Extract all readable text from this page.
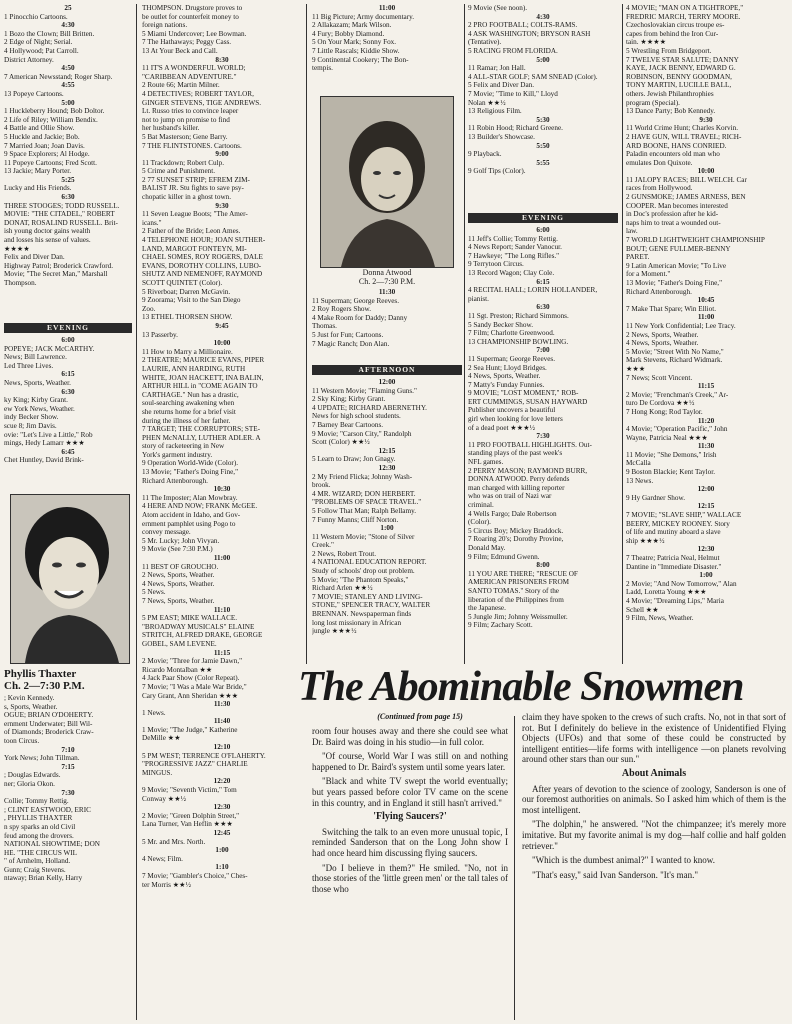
25
1 Pinocchio Cartoons.
4:30
1 Bozo the Clown; Bill Britten.
2 Edge of Night; Serial.
4 Hollywood; Pat Carroll.
District Attorney.
4:50
7 American Newsstand; Roger Sharp.
4:55
13 Popeye Cartoons.
5:00
1 Huckleberry Hound; Bob Doltor.
2 Life of Riley; William Bendix.
4 Battle and Ollie Show.
5 Huckle and Jackie; Bob.
7 Married Joan; Joan Davis.
9 Space Explorers; Al Hodge.
11 Popeye Cartoons; Fred Scott.
13 Jackie; Mary Porter.
5:25
Lucky and His Friends.
6:30
THREE STOOGES; TODD RUSSELL.
MOVIE: "THE CITADEL," ROBERT
DONAT, ROSALIND RUSSELL. Brit-
ish young doctor gains wealth
and losses his sense of values.
★★★★
Felix and Diver Dan.
Highway Patrol; Broderick Crawford.
Movie; "The Secret Man," Marshall
Thompson.
EVENING
6:00
POPEYE; JACK McCARTHY.
News; Bill Lawrence.
Led Three Lives.
6:15
News, Sports, Weather.
6:30
ky King; Kirby Grant.
ew York News, Weather.
indy Becker Show.
scue 8; Jim Davis.
ovie: "Let's Live a Little," Rob
mings, Hedy Lamarr ★★★
6:45
Chet Huntley, David Brink-
Phyllis Thaxter
Ch. 2—7:30 P.M.
; Kevin Kennedy.
s, Sports, Weather.
OGUE; BRIAN O'DOHERTY.
ernment Underwater; Bill Wil-
of Diamonds; Broderick Craw-
toon Circus.
7:10
York News; John Tillman.
7:15
; Douglas Edwards.
ner; Gloria Okon.
7:30
Collie; Tommy Rettig.
; CLINT EASTWOOD, ERIC
, PHYLLIS THAXTER
n spy sparks an old Civil
feud among the drovers.
NATIONAL SHOWTIME; DON
HE. "THE CIRCUS WIL
" of Arnhelm, Holland.
Gunn; Craig Stevens.
ntaway; Brian Kelly, Harry
THOMPSON. Drugstore proves to
be outlet for counterfeit money to
foreign nations.
5 Miami Undercover; Lee Bowman.
7 The Hathaways; Peggy Cass.
13 At Your Beck and Call.
8:30
11 IT'S A WONDERFUL WORLD;
"CARIBBEAN ADVENTURE."
2 Route 66; Martin Milner.
4 DETECTIVES; ROBERT TAYLOR,
GINGER STEVENS, TIGE ANDREWS.
Lt. Russo tries to convince leaper
not to jump on promise to find
her husband's killer.
5 Bat Masterson; Gene Barry.
7 THE FLINTSTONES. Cartoons.
9:00
11 Trackdown; Robert Culp.
5 Crime and Punishment.
2 77 SUNSET STRIP; EFREM ZIM-
BALIST JR. Stu fights to save psy-
chopatic killer in a ghost town.
9:30
11 Seven League Boots; "The Amer-
icans."
2 Father of the Bride; Leon Ames.
4 TELEPHONE HOUR; JOAN SUTHER-
LAND, MARGOT FONTEYN, MI-
CHAEL SOMES, ROY ROGERS, DALE
EVANS, DOROTHY COLLINS, LUBO-
SHUTZ AND NEMENOFF, RAYMOND
SCOTT QUINTET (Color).
5 Riverboat; Darren McGavin.
9 Zoorama; Visit to the San Diego
Zoo.
13 ETHEL THORSEN SHOW.
9:45
13 Passerby.
10:00
11 How to Marry a Millionaire.
2 THEATRE; MAURICE EVANS, PIPER
LAURIE, ANN HARDING, RUTH
WHITE, JOAN HACKETT, INA BALIN,
ARTHUR HILL in "COME AGAIN TO
CARTHAGE." Nun has a drastic,
soul-searching awakening when
she returns home for a brief visit
during the illness of her father.
7 TARGET; THE CORRUPTORS; STE-
PHEN McNALLY, LUTHER ADLER. A
story of racketeering in New
York's garment industry.
9 Operation World-Wide (Color).
13 Movie; "Father's Doing Fine,"
Richard Attenborough.
10:30
11 The Imposter; Alan Mowbray.
4 HERE AND NOW; FRANK McGEE.
Atom accident in Idaho, and Gov-
ernment pamphlet using Pogo to
convey message.
5 Mr. Lucky; John Vivyan.
9 Movie (See 7:30 P.M.)
11:00
11 BEST OF GROUCHO.
2 News, Sports, Weather.
4 News, Sports, Weather.
5 News.
7 News, Sports, Weather.
11:10
5 PM EAST; MIKE WALLACE.
"BROADWAY MUSICALS" ELAINE
STRITCH, ALFRED DRAKE, GEORGE
GOBEL, SAM LEVENE.
11:15
2 Movie; "Three for Jamie Dawn,"
Ricardo Montalban ★★
4 Jack Paar Show (Color Repeat).
7 Movie; "I Was a Male War Bride,"
Cary Grant, Ann Sheridan ★★★
11:30
1 News.
11:40
1 Movie; "The Judge," Katherine
DeMille ★★
12:10
5 PM WEST; TERRENCE O'FLAHERTY.
"PROGRESSIVE JAZZ" CHARLIE
MINGUS.
12:20
9 Movie; "Seventh Victim," Tom
Conway ★★½
12:30
2 Movie; "Green Dolphin Street,"
Lana Turner, Van Heflin ★★★
12:45
5 Mr. and Mrs. North.
1:00
4 News; Film.
1:10
7 Movie; "Gambler's Choice," Ches-
ter Morris ★★½
11:00
11 Big Picture; Army documentary.
2 Allakazam; Mark Wilson.
4 Fury; Bobby Diamond.
5 On Your Mark; Sonny Fox.
7 Little Rascals; Kiddie Show.
9 Continental Cookery; The Bon-
tempis.
Donna Atwood
Ch. 2—7:30 P.M.
11:30
11 Superman; George Reeves.
2 Roy Rogers Show.
4 Make Room for Daddy; Danny
Thomas.
5 Just for Fun; Cartoons.
7 Magic Ranch; Don Alan.
AFTERNOON
12:00
11 Western Movie; "Flaming Guns."
2 Sky King; Kirby Grant.
4 UPDATE; RICHARD ABERNETHY.
News for high school students.
7 Barney Bear Cartoons.
9 Movie; "Carson City," Randolph
Scott (Color) ★★½
12:15
5 Learn to Draw; Jon Gnagy.
12:30
2 My Friend Flicka; Johnny Wash-
brook.
4 MR. WIZARD; DON HERBERT.
"PROBLEMS OF SPACE TRAVEL."
5 Follow That Man; Ralph Bellamy.
7 Funny Manns; Cliff Norton.
1:00
11 Western Movie; "Stone of Silver
Creek."
2 News, Robert Trout.
4 NATIONAL EDUCATION REPORT.
Study of schools' drop out problem.
5 Movie; "The Phantom Speaks,"
Richard Arlen ★★½
7 MOVIE; STANLEY AND LIVING-
STONE," SPENCER TRACY, WALTER
BRENNAN. Newspaperman finds
long lost missionary in African
jungle ★★★½
9 Movie (See noon).
4:30
2 PRO FOOTBALL; COLTS-RAMS.
4 ASK WASHINGTON; BRYSON RASH
(Tentative).
5 RACING FROM FLORIDA.
5:00
11 Ramar; Jon Hall.
4 ALL-STAR GOLF; SAM SNEAD (Color).
5 Felix and Diver Dan.
7 Movie; "Time to Kill," Lloyd
Nolan ★★½
13 Religious Film.
5:30
11 Robin Hood; Richard Greene.
13 Builder's Showcase.
5:50
9 Playback.
5:55
9 Golf Tips (Color).
EVENING
6:00
11 Jeff's Collie; Tommy Rettig.
4 News Report; Sander Vanocur.
7 Hawkeye; "The Long Rifles."
9 Terrytoon Circus.
13 Record Wagon; Clay Cole.
6:15
4 RECITAL HALL; LORIN HOLLANDER,
pianist.
6:30
11 Sgt. Preston; Richard Simmons.
5 Sandy Becker Show.
7 Film; Charlotte Greenwood.
13 CHAMPIONSHIP BOWLING.
7:00
11 Superman; George Reeves.
2 Sea Hunt; Lloyd Bridges.
4 News, Sports, Weather.
7 Matty's Funday Funnies.
9 MOVIE; "LOST MOMENT," ROB-
ERT CUMMINGS, SUSAN HAYWARD
Publisher uncovers a beautiful
girl when looking for love letters
of a dead poet ★★★½
7:30
11 PRO FOOTBALL HIGHLIGHTS. Out-
standing plays of the past week's
NFL games.
2 PERRY MASON; RAYMOND BURR,
DONNA ATWOOD. Perry defends
man charged with killing reporter
who was on trail of Nazi war
criminal.
4 Wells Fargo; Dale Robertson
(Color).
5 Circus Boy; Mickey Braddock.
7 Roaring 20's; Dorothy Provine,
Donald May.
9 Film; Edmund Gwenn.
8:00
11 YOU ARE THERE; "RESCUE OF
AMERICAN PRISONERS FROM
SANTO TOMAS." Story of the
liberation of the Philippines from
the Japanese.
5 Jungle Jim; Johnny Weissmuller.
9 Film; Zachary Scott.
4 MOVIE; "MAN ON A TIGHTROPE,"
FREDRIC MARCH, TERRY MOORE.
Czechoslovakian circus troupe es-
capes from behind the Iron Cur-
tain. ★★★★
5 Wrestling From Bridgeport.
7 TWELVE STAR SALUTE; DANNY
KAYE, JACK BENNY, EDWARD G.
ROBINSON, BENNY GOODMAN,
TONY MARTIN, LUCILLE BALL,
others. Jewish Philanthrophies
program (Special).
13 Dance Party; Bob Kennedy.
9:30
11 World Crime Hunt; Charles Korvin.
2 HAVE GUN, WILL TRAVEL; RICH-
ARD BOONE, HANS CONRIED.
Paladin encounters old man who
emulates Don Quixote.
10:00
11 JALOPY RACES; BILL WELCH. Car
races from Hollywood.
2 GUNSMOKE; JAMES ARNESS, BEN
COOPER. Man becomes interested
in Doc's profession after he kid-
naps him to treat a wounded out-
law.
7 WORLD LIGHTWEIGHT CHAMPIONSHIP
BOUT; GENE FULLMER-BENNY
PARET.
9 Latin American Movie; "To Live
for a Moment."
13 Movie; "Father's Doing Fine,"
Richard Attenborough.
10:45
7 Make That Spare; Win Elliot.
11:00
11 New York Confidential; Lee Tracy.
2 News, Sports, Weather.
4 News, Sports, Weather.
5 Movie; "Street With No Name,"
Mark Stevens, Richard Widmark.
★★★
7 News; Scott Vincent.
11:15
2 Movie; "Frenchman's Creek," Ar-
turo De Cordova ★★½
7 Hong Kong; Rod Taylor.
11:20
4 Movie; "Operation Pacific," John
Wayne, Patricia Neal ★★★
11:30
11 Movie; "She Demons," Irish
McCalla
9 Boston Blackie; Kent Taylor.
13 News.
12:00
9 Hy Gardner Show.
12:15
7 MOVIE; "SLAVE SHIP," WALLACE
BEERY, MICKEY ROONEY. Story
of life and mutiny aboard a slave
ship ★★★½
12:30
7 Theatre; Patricia Neal, Helmut
Dantine in "Immediate Disaster."
1:00
2 Movie; "And Now Tomorrow," Alan
Ladd, Loretta Young ★★★
4 Movie; "Dreaming Lips," Maria
Schell ★★
9 Film, News, Weather.
The Abominable Snowmen
(Continued from page 15)

room four houses away and there she could see what Dr. Baird was doing in his studio—in full color.

"Of course, World War I was still on and nothing happened to Dr. Baird's system until some years later.

"Black and white TV swept the world eventually; but years passed before color TV came on the scene in this country, and in England it still hasn't arrived."

'Flying Saucers?'

Switching the talk to an even more unusual topic, I reminded Sanderson that on the Long John show I had once heard him discussing flying saucers.

"Do I believe in them?" He smiled. "No, not in those stories of the 'little green men' or the tall tales of those who

claim they have spoken to the crews of such crafts. No, not in that sort of rot. But I definitely do believe in the existence of Unidentified Flying Objects (UFOs) and that some of these could be constructed by intelligent entities—life forms with intelligence —on planets revolving around other stars than our sun."

About Animals

After years of devotion to the science of zoology, Sanderson is one of our foremost authorities on animals. So I asked him which of them is the most intelligent.

"The dolphin," he answered. "Not the chimpanzee; it's merely more imitative. But my favorite animal is my dog—half collie and half golden retriever."

"Which is the dumbest animal?" I wanted to know.

"That's easy," said Ivan Sanderson. "It's man."
